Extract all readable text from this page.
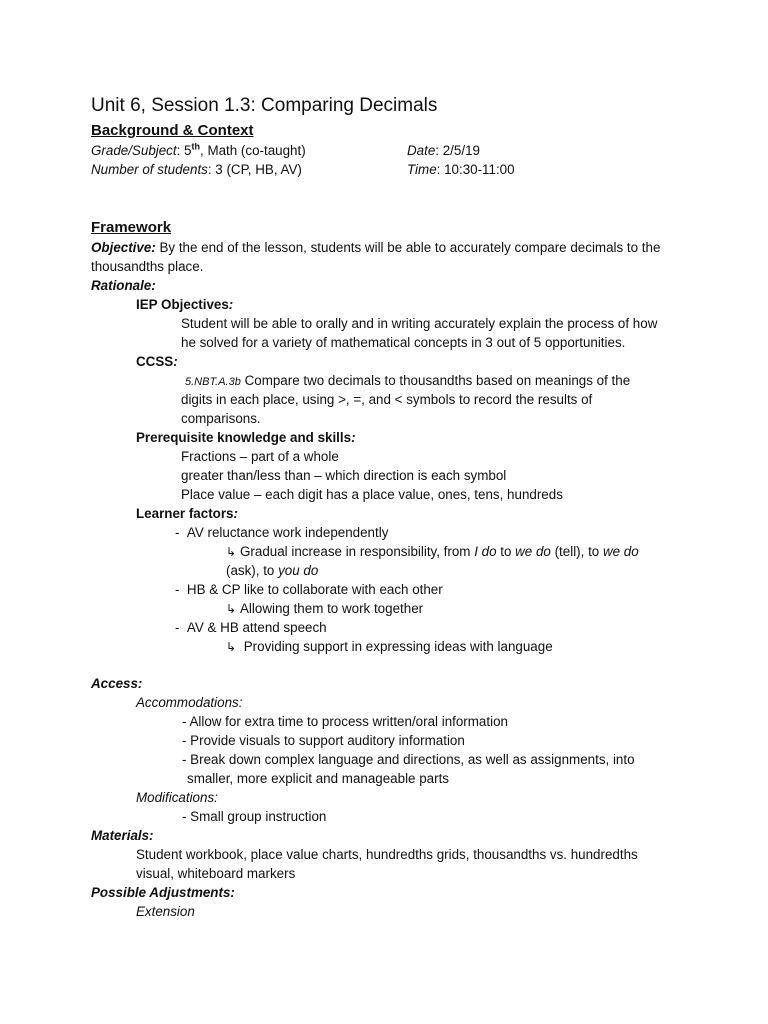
Unit 6, Session 1.3: Comparing Decimals
Background & Context
Grade/Subject: 5th, Math (co-taught)	Date: 2/5/19
Number of students: 3 (CP, HB, AV)	Time: 10:30-11:00
Framework
Objective: By the end of the lesson, students will be able to accurately compare decimals to the
thousandths place.
Rationale:
IEP Objectives:
Student will be able to orally and in writing accurately explain the process of how
he solved for a variety of mathematical concepts in 3 out of 5 opportunities.
CCSS:
5.NBT.A.3b Compare two decimals to thousandths based on meanings of the
digits in each place, using >, =, and < symbols to record the results of
comparisons.
Prerequisite knowledge and skills:
Fractions – part of a whole
greater than/less than – which direction is each symbol
Place value – each digit has a place value, ones, tens, hundreds
Learner factors:
- AV reluctance work independently
↳ Gradual increase in responsibility, from I do to we do (tell), to we do
(ask), to you do
- HB & CP like to collaborate with each other
↳ Allowing them to work together
- AV & HB attend speech
↳ Providing support in expressing ideas with language
Access:
Accommodations:
- Allow for extra time to process written/oral information
- Provide visuals to support auditory information
- Break down complex language and directions, as well as assignments, into
smaller, more explicit and manageable parts
Modifications:
- Small group instruction
Materials:
Student workbook, place value charts, hundredths grids, thousandths vs. hundredths
visual, whiteboard markers
Possible Adjustments:
Extension
